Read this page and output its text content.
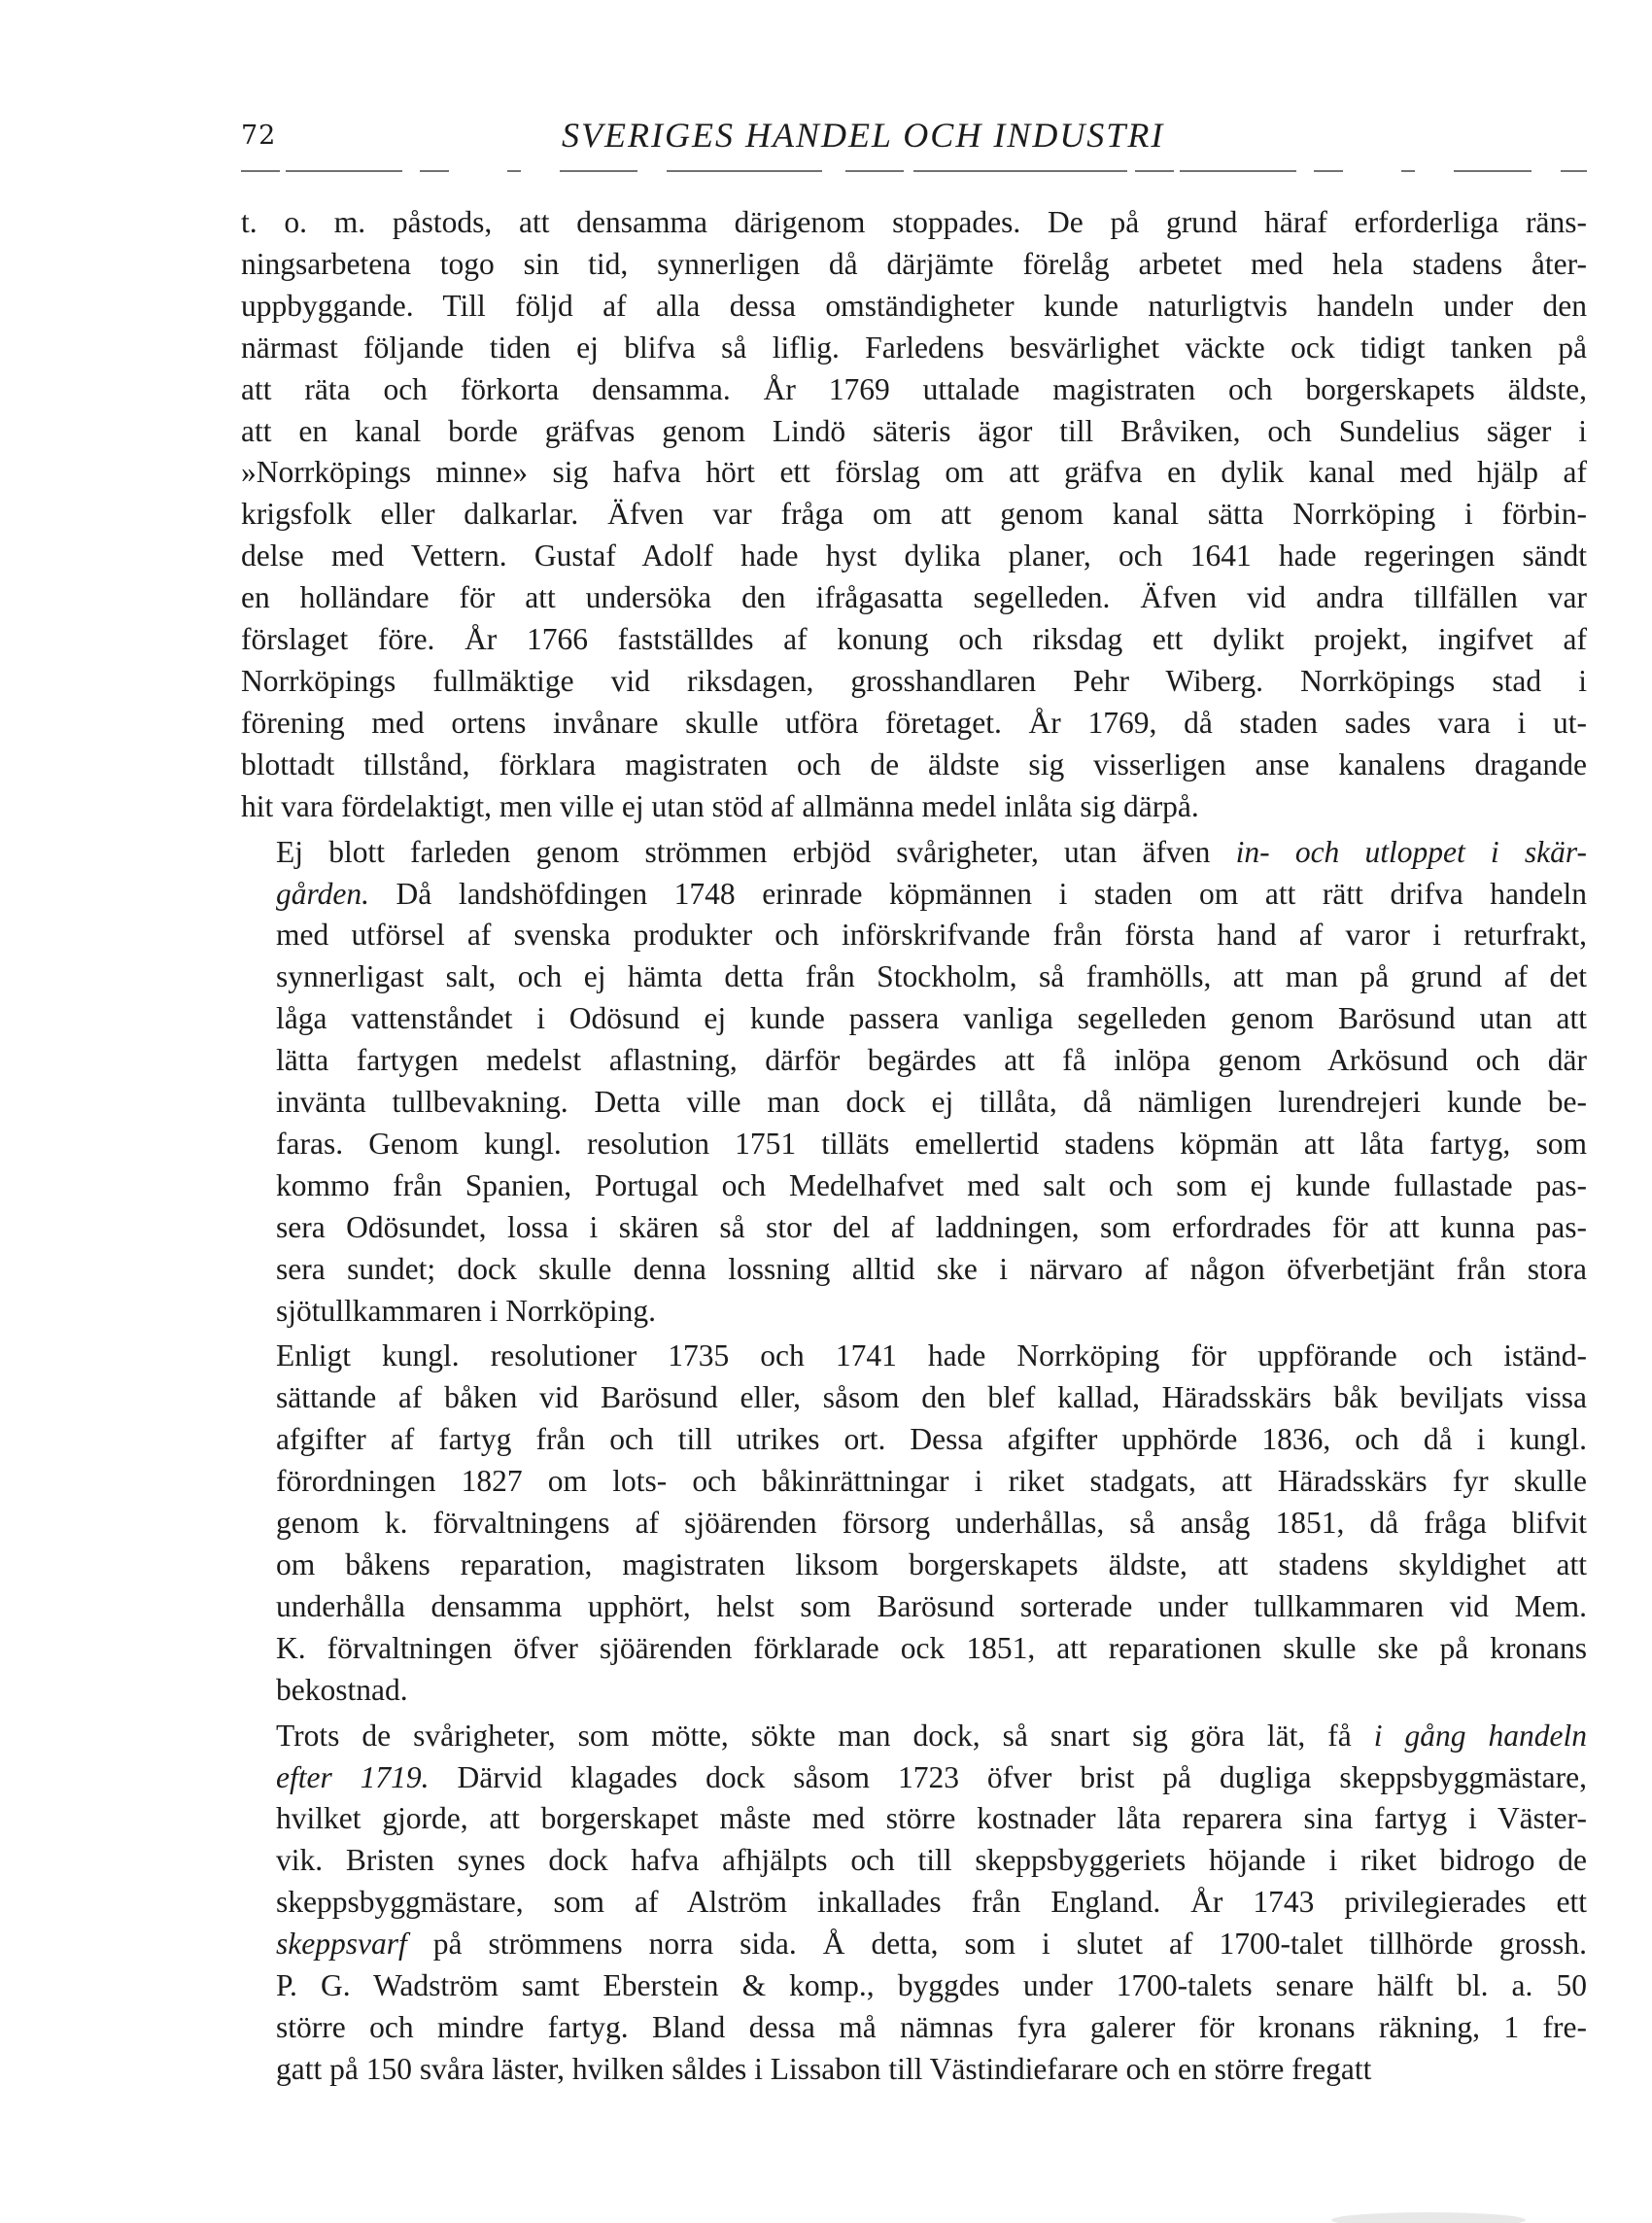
72	SVERIGES HANDEL OCH INDUSTRI
t. o. m. påstods, att densamma därigenom stoppades. De på grund häraf erforderliga räns-
ningsarbetena togo sin tid, synnerligen då därjämte förelåg arbetet med hela stadens åter-
uppbyggande. Till följd af alla dessa omständigheter kunde naturligtvis handeln under den
närmast följande tiden ej blifva så liflig. Farledens besvärlighet väckte ock tidigt tanken på
att räta och förkorta densamma. År 1769 uttalade magistraten och borgerskapets äldste,
att en kanal borde gräfvas genom Lindö säteris ägor till Bråviken, och Sundelius säger i
»Norrköpings minne» sig hafva hört ett förslag om att gräfva en dylik kanal med hjälp af
krigsfolk eller dalkarlar. Äfven var fråga om att genom kanal sätta Norrköping i förbin-
delse med Vettern. Gustaf Adolf hade hyst dylika planer, och 1641 hade regeringen sändt
en holländare för att undersöka den ifrågasatta segelleden. Äfven vid andra tillfällen var
förslaget före. År 1766 fastställdes af konung och riksdag ett dylikt projekt, ingifvet af
Norrköpings fullmäktige vid riksdagen, grosshandlaren Pehr Wiberg. Norrköpings stad i
förening med ortens invånare skulle utföra företaget. År 1769, då staden sades vara i ut-
blottadt tillstånd, förklara magistraten och de äldste sig visserligen anse kanalens dragande
hit vara fördelaktigt, men ville ej utan stöd af allmänna medel inlåta sig därpå.
Ej blott farleden genom strömmen erbjöd svårigheter, utan äfven in- och utloppet i skär-
gården. Då landshöfdingen 1748 erinrade köpmännen i staden om att rätt drifva handeln
med utförsel af svenska produkter och införskrifvande från första hand af varor i returfrakt,
synnerligast salt, och ej hämta detta från Stockholm, så framhölls, att man på grund af det
låga vattenståndet i Odösund ej kunde passera vanliga segelleden genom Barösund utan att
lätta fartygen medelst aflastning, därför begärdes att få inlöpa genom Arkösund och där
invänta tullbevakning. Detta ville man dock ej tillåta, då nämligen lurendrejeri kunde be-
faras. Genom kungl. resolution 1751 tilläts emellertid stadens köpmän att låta fartyg, som
kommo från Spanien, Portugal och Medelhafvet med salt och som ej kunde fullastade pas-
sera Odösundet, lossa i skären så stor del af laddningen, som erfordrades för att kunna pas-
sera sundet; dock skulle denna lossning alltid ske i närvaro af någon öfverbetjänt från stora
sjötullkammaren i Norrköping.
Enligt kungl. resolutioner 1735 och 1741 hade Norrköping för uppförande och iständ-
sättande af båken vid Barösund eller, såsom den blef kallad, Häradsskärs båk beviljats vissa
afgifter af fartyg från och till utrikes ort. Dessa afgifter upphörde 1836, och då i kungl.
förordningen 1827 om lots- och båkinrättningar i riket stadgats, att Häradsskärs fyr skulle
genom k. förvaltningens af sjöärenden försorg underhållas, så ansåg 1851, då fråga blifvit
om båkens reparation, magistraten liksom borgerskapets äldste, att stadens skyldighet att
underhålla densamma upphört, helst som Barösund sorterade under tullkammaren vid Mem.
K. förvaltningen öfver sjöärenden förklarade ock 1851, att reparationen skulle ske på kronans
bekostnad.
Trots de svårigheter, som mötte, sökte man dock, så snart sig göra lät, få i gång handeln
efter 1719. Därvid klagades dock såsom 1723 öfver brist på dugliga skeppsbyggmästare,
hvilket gjorde, att borgerskapet måste med större kostnader låta reparera sina fartyg i Väster-
vik. Bristen synes dock hafva afhjälpts och till skeppsbyggeriets höjande i riket bidrogo de
skeppsbyggmästare, som af Alström inkallades från England. År 1743 privilegierades ett
skeppsvarf på strömmens norra sida. Å detta, som i slutet af 1700-talet tillhörde grossh.
P. G. Wadström samt Eberstein & komp., byggdes under 1700-talets senare hälft bl. a. 50
större och mindre fartyg. Bland dessa må nämnas fyra galerer för kronans räkning, 1 fre-
gatt på 150 svåra läster, hvilken såldes i Lissabon till Västindiefarare och en större fregatt
